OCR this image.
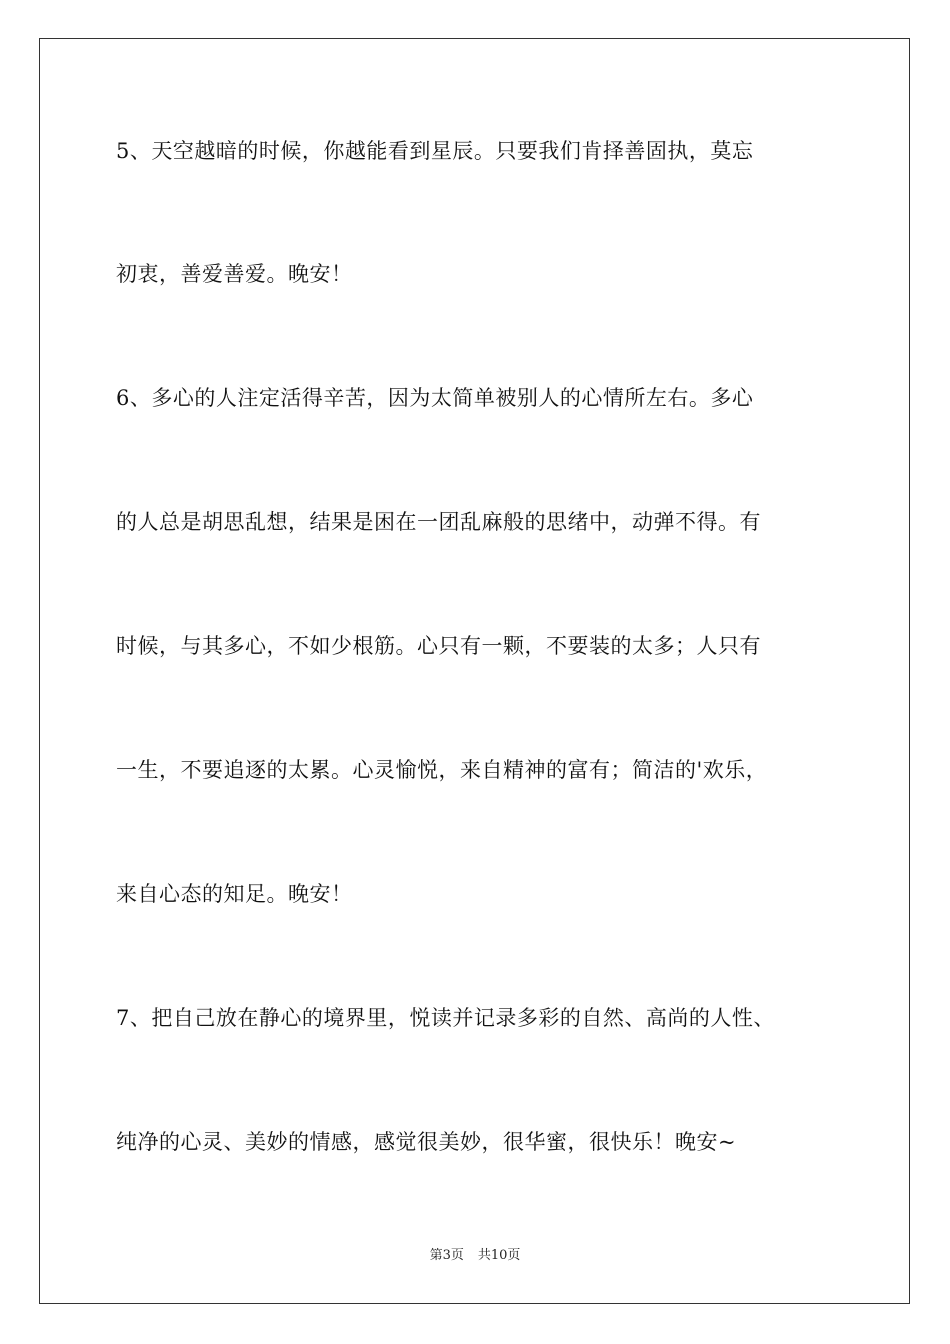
5、天空越暗的时候，你越能看到星辰。只要我们肯择善固执，莫忘
初衷，善爱善爱。晚安！
6、多心的人注定活得辛苦，因为太简单被别人的心情所左右。多心
的人总是胡思乱想，结果是困在一团乱麻般的思绪中，动弹不得。有
时候，与其多心，不如少根筋。心只有一颗，不要装的太多；人只有
一生，不要追逐的太累。心灵愉悦，来自精神的富有；简洁的'欢乐，
来自心态的知足。晚安！
7、把自己放在静心的境界里，悦读并记录多彩的自然、高尚的人性、
纯净的心灵、美妙的情感，感觉很美妙，很华蜜，很快乐！晚安~
第3页 共10页
